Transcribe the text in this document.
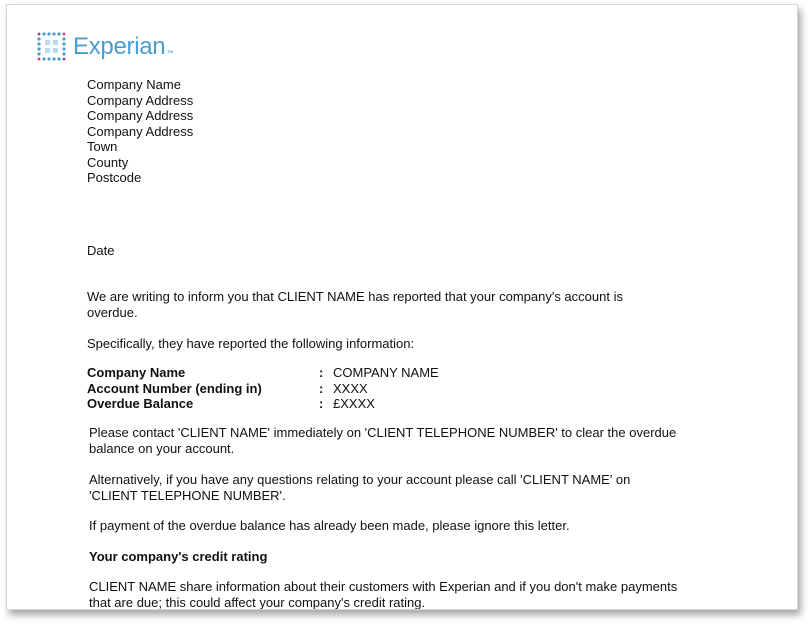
Experian ™
Company Name
Company Address
Company Address
Company Address
Town
County
Postcode
Date
We are writing to inform you that CLIENT NAME has reported that your company's account is overdue.
Specifically, they have reported the following information:
Company Name	: COMPANY NAME
Account Number (ending in)	: XXXX
Overdue Balance	: £XXXX
Please contact 'CLIENT NAME' immediately on 'CLIENT TELEPHONE NUMBER' to clear the overdue balance on your account.
Alternatively, if you have any questions relating to your account please call 'CLIENT NAME' on 'CLIENT TELEPHONE NUMBER'.
If payment of the overdue balance has already been made, please ignore this letter.
Your company's credit rating
CLIENT NAME share information about their customers with Experian and if you don't make payments that are due; this could affect your company's credit rating.
